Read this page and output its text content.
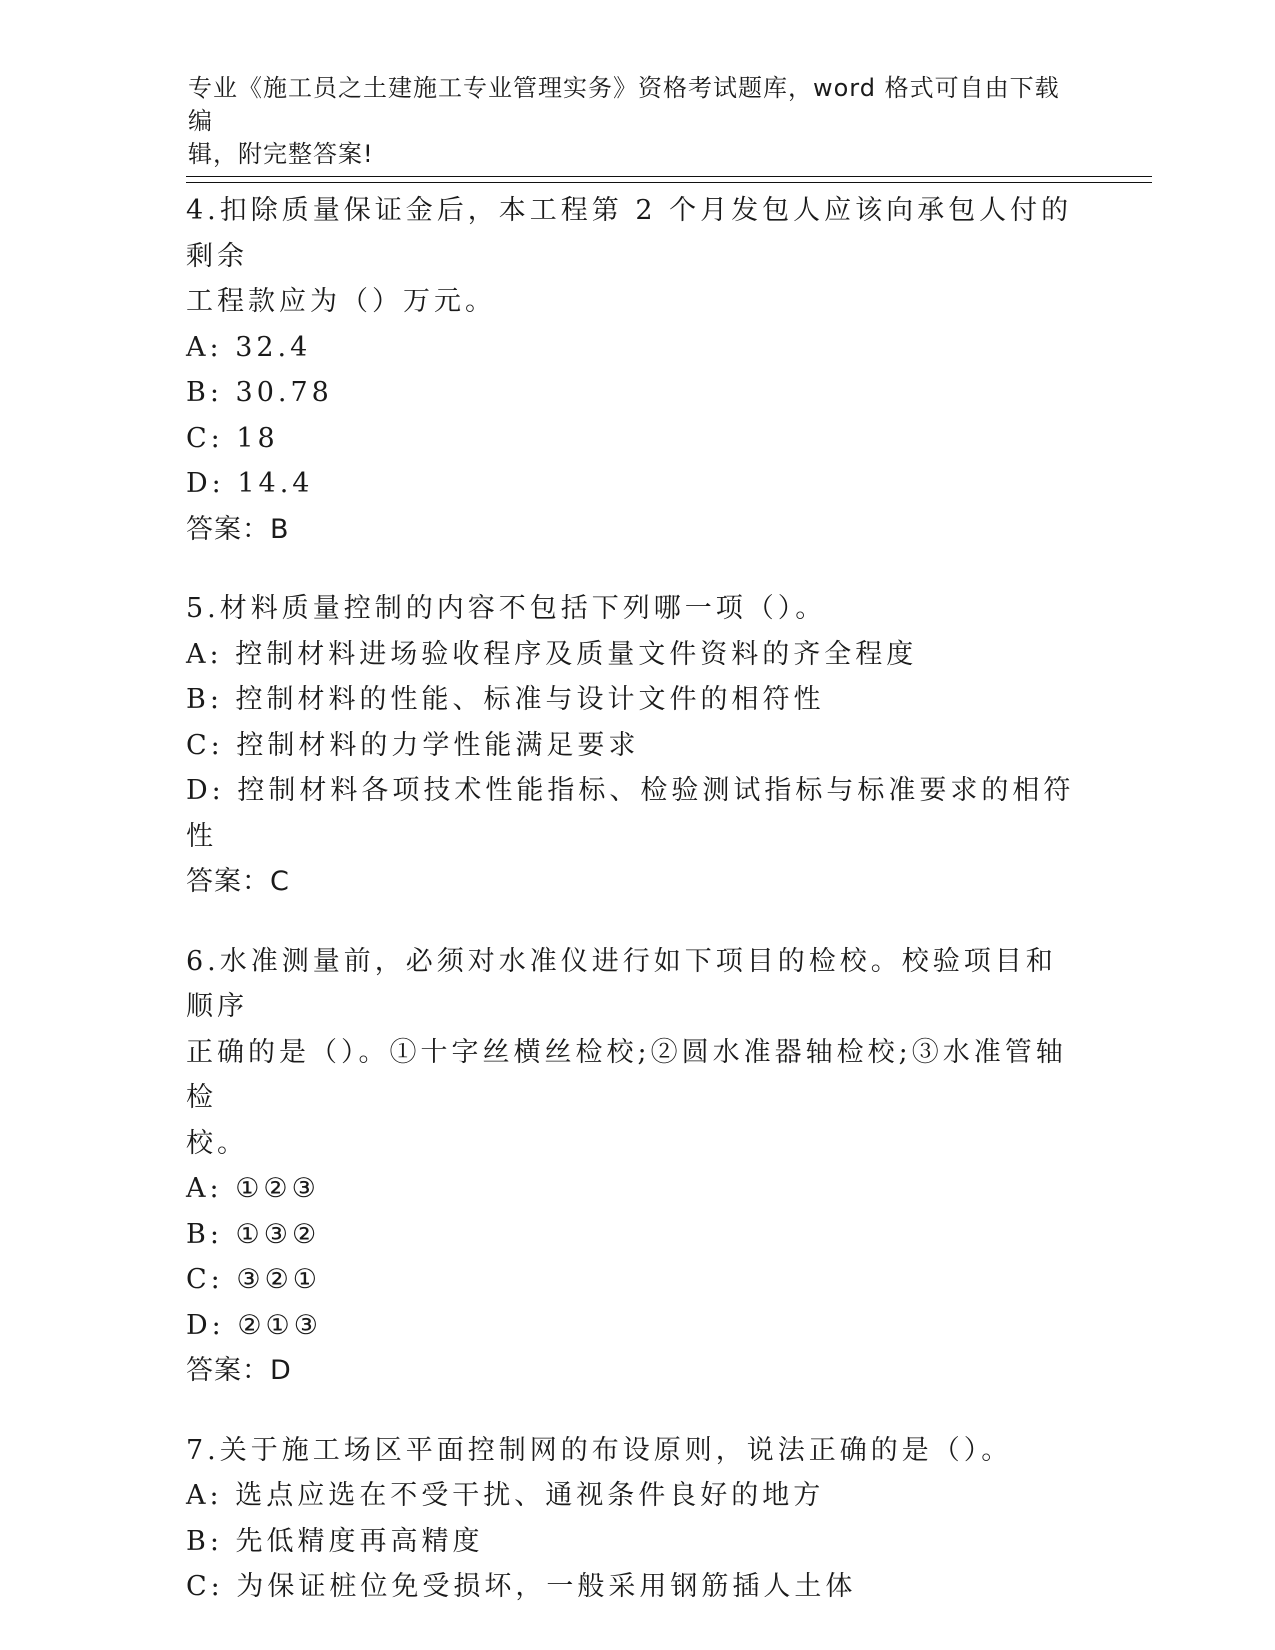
专业《施工员之土建施工专业管理实务》资格考试题库，word 格式可自由下载编
辑，附完整答案!
4.扣除质量保证金后，本工程第 2 个月发包人应该向承包人付的剩余
工程款应为（）万元。
A: 32.4
B: 30.78
C: 18
D: 14.4
答案：B
5.材料质量控制的内容不包括下列哪一项（）。
A: 控制材料进场验收程序及质量文件资料的齐全程度
B: 控制材料的性能、标准与设计文件的相符性
C: 控制材料的力学性能满足要求
D: 控制材料各项技术性能指标、检验测试指标与标准要求的相符性
答案：C
6.水准测量前，必须对水准仪进行如下项目的检校。校验项目和顺序
正确的是（）。①十字丝横丝检校;②圆水准器轴检校;③水准管轴检
校。
A: ①②③
B: ①③②
C: ③②①
D: ②①③
答案：D
7.关于施工场区平面控制网的布设原则，说法正确的是（）。
A: 选点应选在不受干扰、通视条件良好的地方
B: 先低精度再高精度
C: 为保证桩位免受损坏，一般采用钢筋插人土体
